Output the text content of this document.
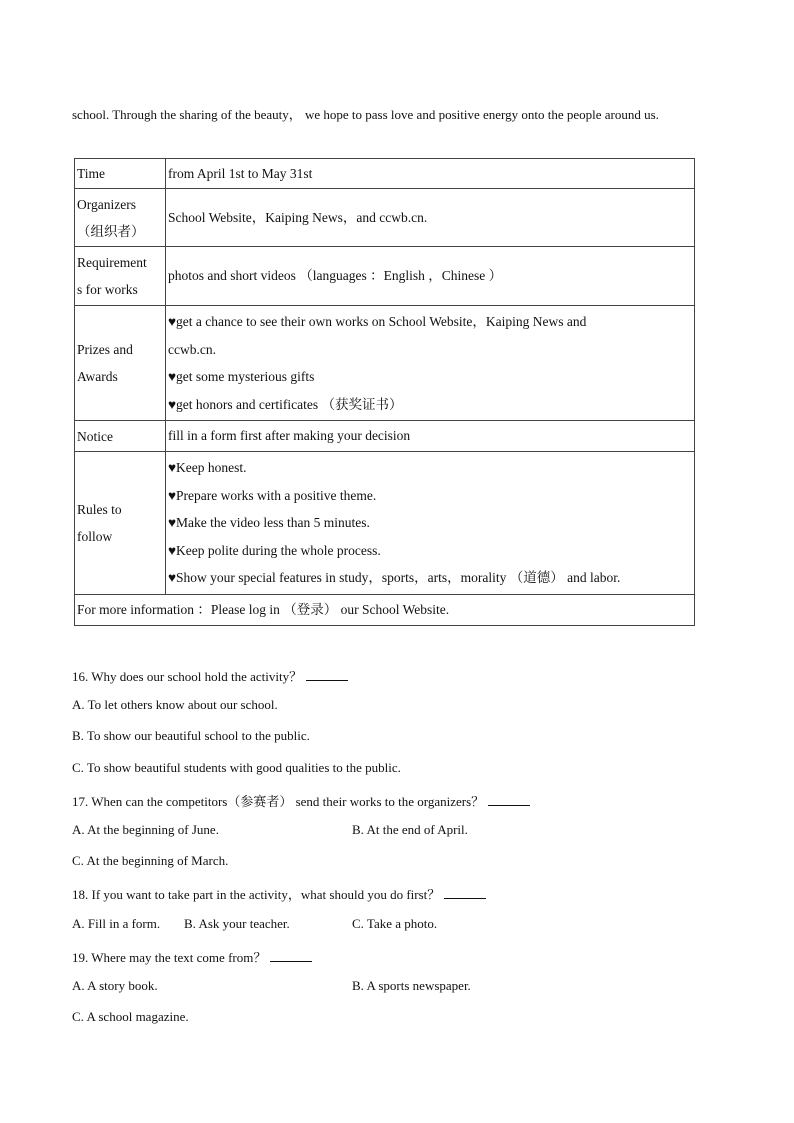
school. Through the sharing of the beauty， we hope to pass love and positive energy onto the people around us.
Time	from April 1st to May 31st

Organizers
（组织者）	School Website，Kaiping News，and ccwb.cn.

Requirement
s for works	photos and short videos （languages ：English ，Chinese ）

Prizes and
Awards	♥get a chance to see their own works on School Website，Kaiping News and
ccwb.cn.
♥get some mysterious gifts
♥get honors and certificates （获奖证书）

Notice	fill in a form first after making your decision

Rules to
follow	♥Keep honest.
♥Prepare works with a positive theme.
♥Make the video less than 5 minutes.
♥Keep polite during the whole process.
♥Show your special features in study，sports，arts，morality （道德） and labor.

For more information ：Please log in （登录） our School Website.	
16. Why does our school hold the activity？
A. To let others know about our school.
B. To show our beautiful school to the public.
C. To show beautiful students with good qualities to the public.
17. When can the competitors（参赛者） send their works to the organizers？
A. At the beginning of June.	B. At the end of April.
C. At the beginning of March.
18. If you want to take part in the activity，what should you do first？
A. Fill in a form. B. Ask your teacher.	C. Take a photo.
19. Where may the text come from？
A. A story book.	B. A sports newspaper.
C. A school magazine.
